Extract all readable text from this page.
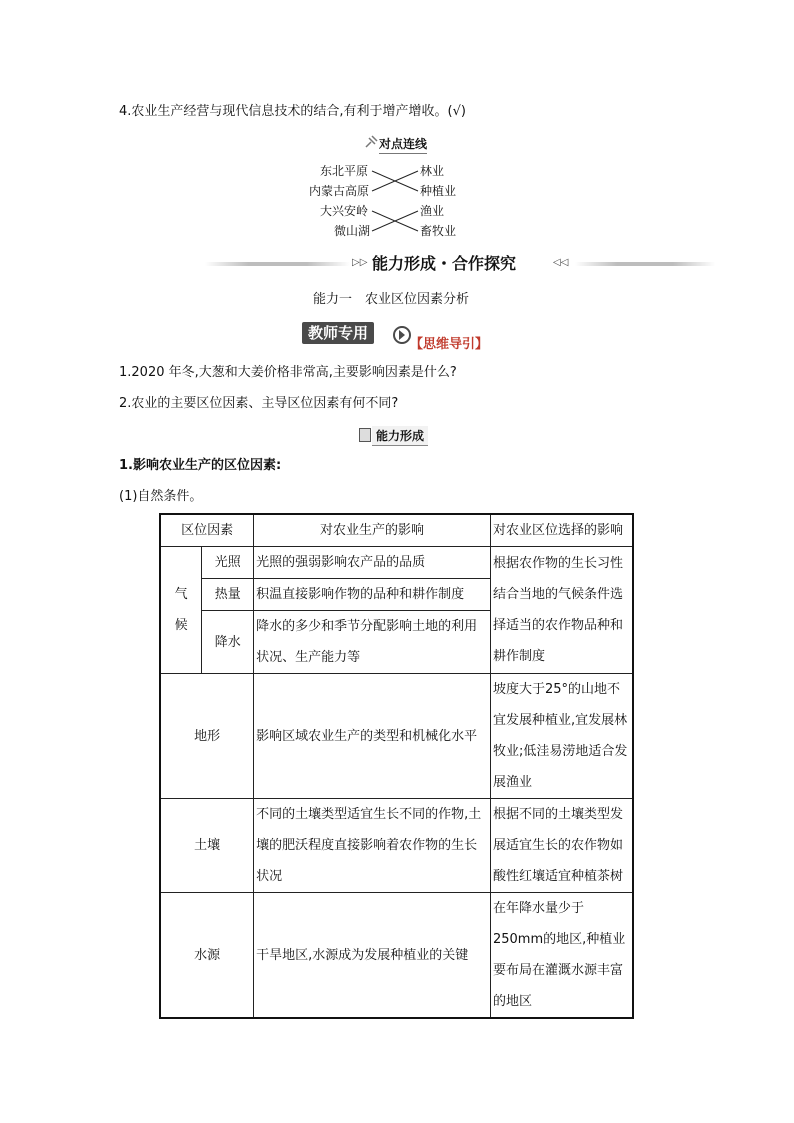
4.农业生产经营与现代信息技术的结合,有利于增产增收。(√)
对点连线
东北平原
内蒙古高原
大兴安岭
微山湖
林业
种植业
渔业
畜牧业
▷▷ 能力形成・合作探究	◁◁
能力一　农业区位因素分析
教师专用
【思维导引】
1.2020 年冬,大葱和大姜价格非常高,主要影响因素是什么?
2.农业的主要区位因素、主导区位因素有何不同?
能力形成
1.影响农业生产的区位因素:
(1)自然条件。
区位因素		对农业生产的影响	对农业区位选择的影响
气候	光照	光照的强弱影响农产品的品质	根据农作物的生长习性结合当地的气候条件选择适当的农作物品种和耕作制度
	热量	积温直接影响作物的品种和耕作制度	
	降水	降水的多少和季节分配影响土地的利用状况、生产能力等	
地形		影响区域农业生产的类型和机械化水平	坡度大于25°的山地不宜发展种植业,宜发展林牧业;低洼易涝地适合发展渔业
土壤		不同的土壤类型适宜生长不同的作物,土壤的肥沃程度直接影响着农作物的生长状况	根据不同的土壤类型发展适宜生长的农作物如酸性红壤适宜种植茶树
水源		干旱地区,水源成为发展种植业的关键	在年降水量少于250mm的地区,种植业要布局在灌溉水源丰富的地区
